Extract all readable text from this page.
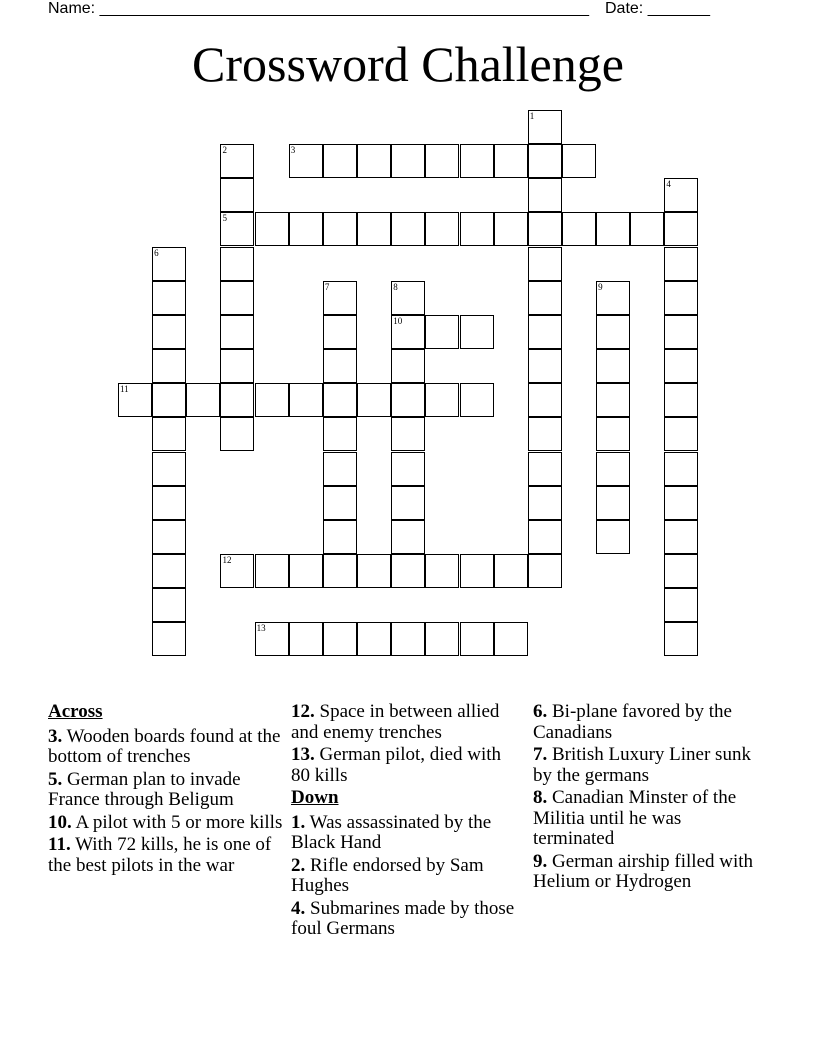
Name: _______________________________________________________ Date: _______
Crossword Challenge
1
2
5
3
4
6
7	8
10
9
11
12
13
Across
3. Wooden boards found at the bottom of trenches
5. German plan to invade France through Beligum
10. A pilot with 5 or more kills
11. With 72 kills, he is one of the best pilots in the war
12. Space in between allied and enemy trenches
13. German pilot, died with 80 kills
Down
1. Was assassinated by the Black Hand
2. Rifle endorsed by Sam Hughes
4. Submarines made by those foul Germans
6. Bi-plane favored by the Canadians
7. British Luxury Liner sunk by the germans
8. Canadian Minster of the Militia until he was terminated
9. German airship filled with Helium or Hydrogen
